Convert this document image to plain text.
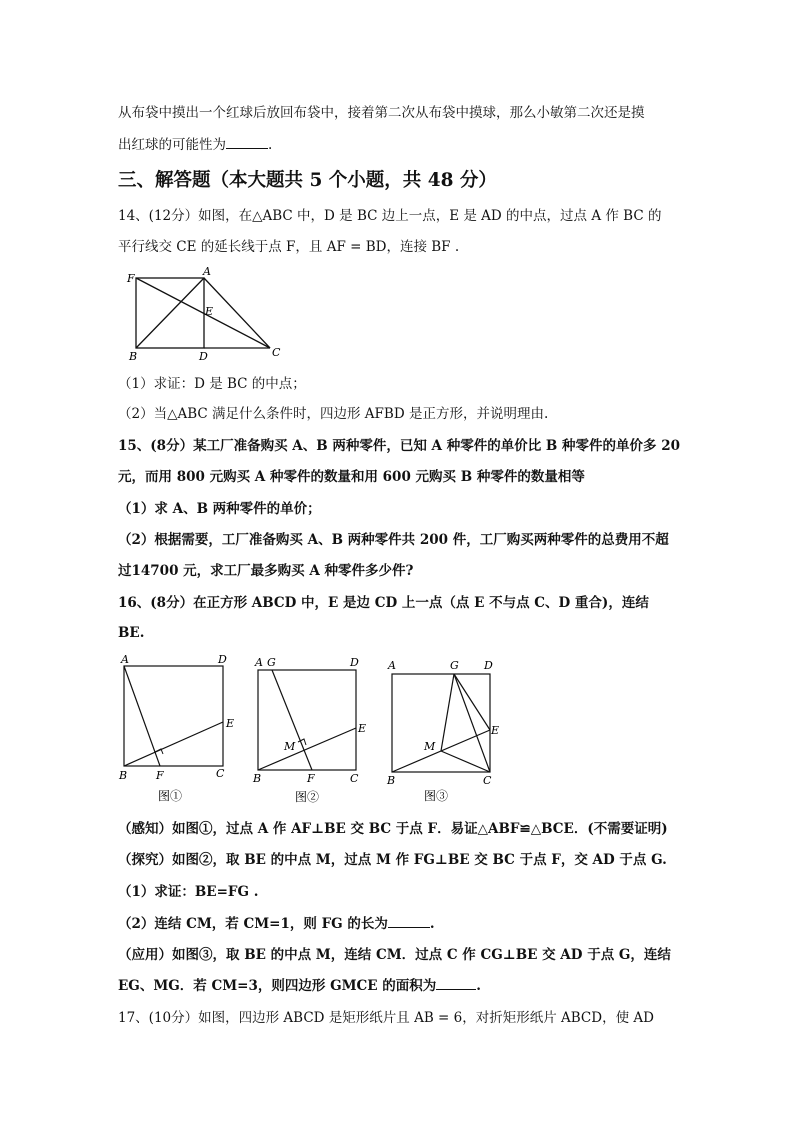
从布袋中摸出一个红球后放回布袋中，接着第二次从布袋中摸球，那么小敏第二次还是摸
出红球的可能性为	.
三、解答题（本大题共 5 个小题，共 48 分）
14、(12分）如图，在△ABC 中，D 是 BC 边上一点，E 是 AD 的中点，过点 A 作 BC 的
平行线交 CE 的延长线于点 F，且 AF = BD，连接 BF .
F
A
E
B	D	C
（1）求证：D 是 BC 的中点；
（2）当△ABC 满足什么条件时，四边形 AFBD 是正方形，并说明理由.
15、(8分）某工厂准备购买 A、B 两种零件，已知 A 种零件的单价比 B 种零件的单价多 20
元，而用 800 元购买 A 种零件的数量和用 600 元购买 B 种零件的数量相等
（1）求 A、B 两种零件的单价；
（2）根据需要，工厂准备购买 A、B 两种零件共 200 件，工厂购买两种零件的总费用不超
过14700 元，求工厂最多购买 A 种零件多少件?
16、(8分）在正方形 ABCD 中，E 是边 CD 上一点（点 E 不与点 C、D 重合)，连结
BE.
A	D
E
B	F	C
图①
A G	D
E
M
B	F	C
图②
A	G D
E
M
B	C
图③
（感知）如图①，过点 A 作 AF⊥BE 交 BC 于点 F．易证△ABF≌△BCE．(不需要证明)
（探究）如图②，取 BE 的中点 M，过点 M 作 FG⊥BE 交 BC 于点 F，交 AD 于点 G.
（1）求证：BE=FG .
（2）连结 CM，若 CM=1，则 FG 的长为	.
（应用）如图③，取 BE 的中点 M，连结 CM．过点 C 作 CG⊥BE 交 AD 于点 G，连结
EG、MG．若 CM=3，则四边形 GMCE 的面积为	.
17、(10分）如图，四边形 ABCD 是矩形纸片且 AB = 6，对折矩形纸片 ABCD，使 AD
